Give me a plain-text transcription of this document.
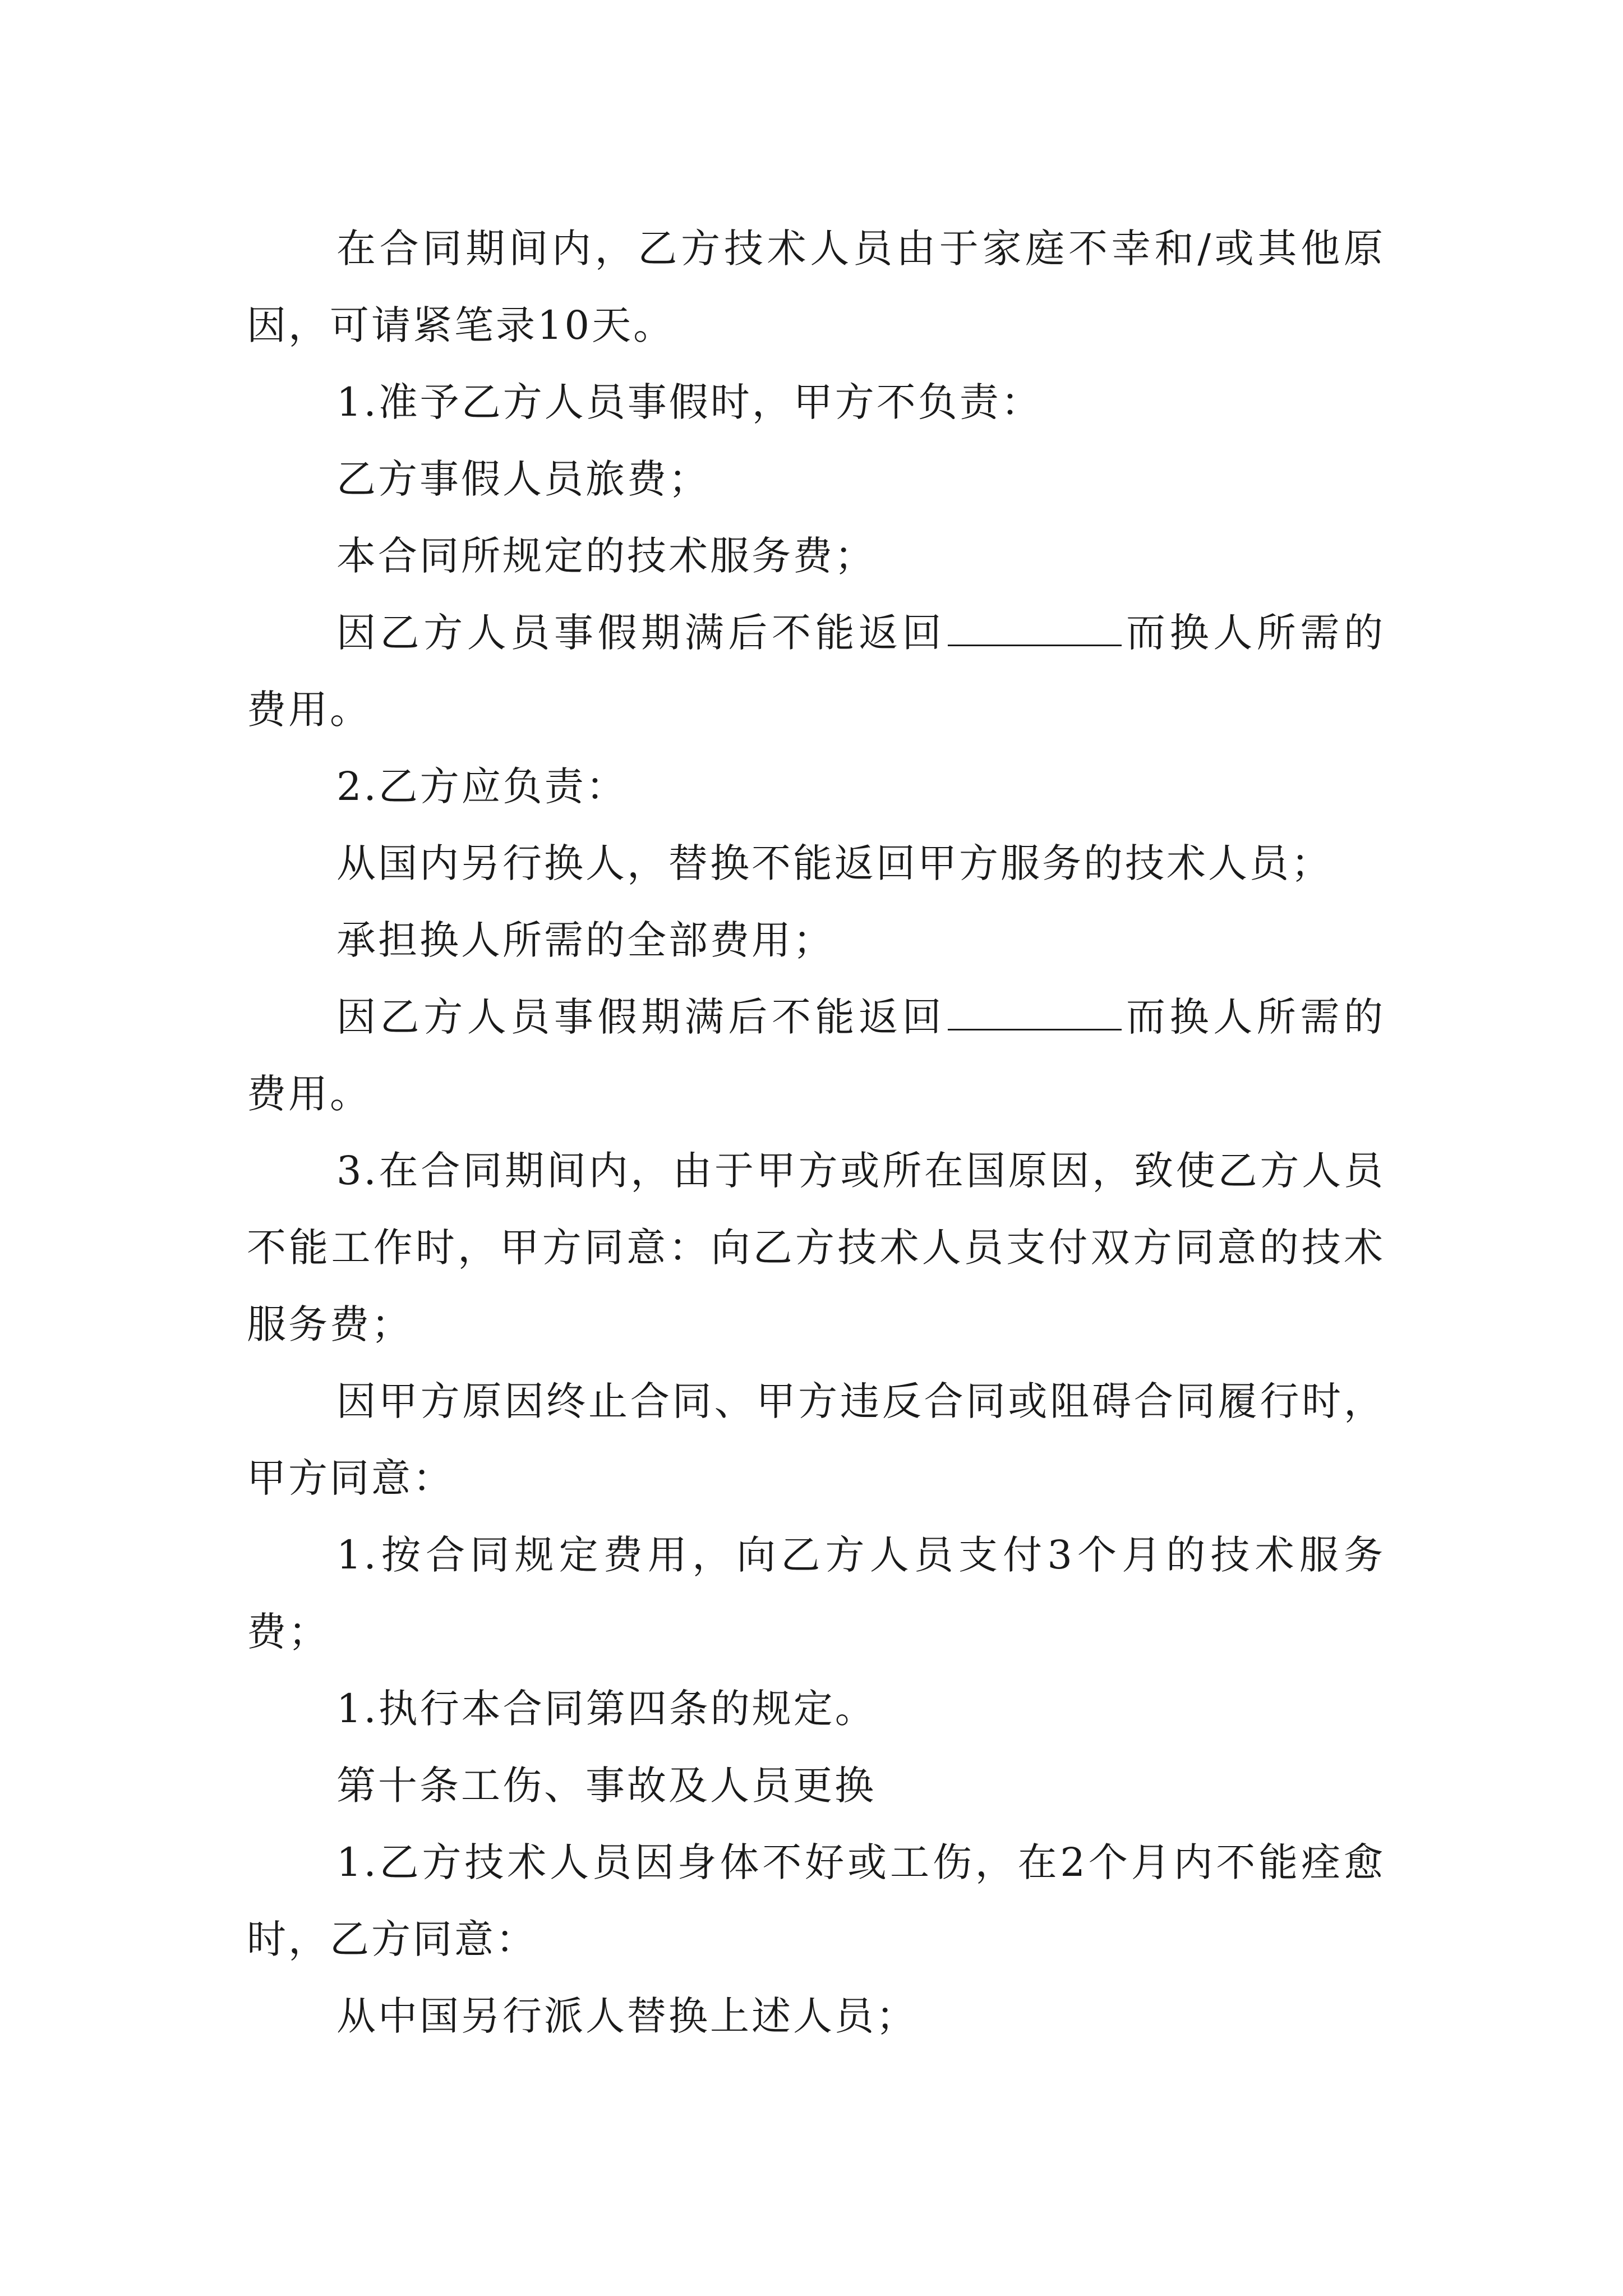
在合同期间内，乙方技术人员由于家庭不幸和/或其他原因，可请紧笔录10天。

1.准予乙方人员事假时，甲方不负责：

乙方事假人员旅费；

本合同所规定的技术服务费；

因乙方人员事假期满后不能返回	而换人所需的费用。

2.乙方应负责：

从国内另行换人，替换不能返回甲方服务的技术人员；

承担换人所需的全部费用；

因乙方人员事假期满后不能返回	而换人所需的费用。

3.在合同期间内，由于甲方或所在国原因，致使乙方人员不能工作时，甲方同意：向乙方技术人员支付双方同意的技术服务费；

因甲方原因终止合同、甲方违反合同或阻碍合同履行时，甲方同意：

1.按合同规定费用，向乙方人员支付3个月的技术服务费；

1.执行本合同第四条的规定。

第十条工伤、事故及人员更换

1.乙方技术人员因身体不好或工伤，在2个月内不能痊愈时，乙方同意：

从中国另行派人替换上述人员；
